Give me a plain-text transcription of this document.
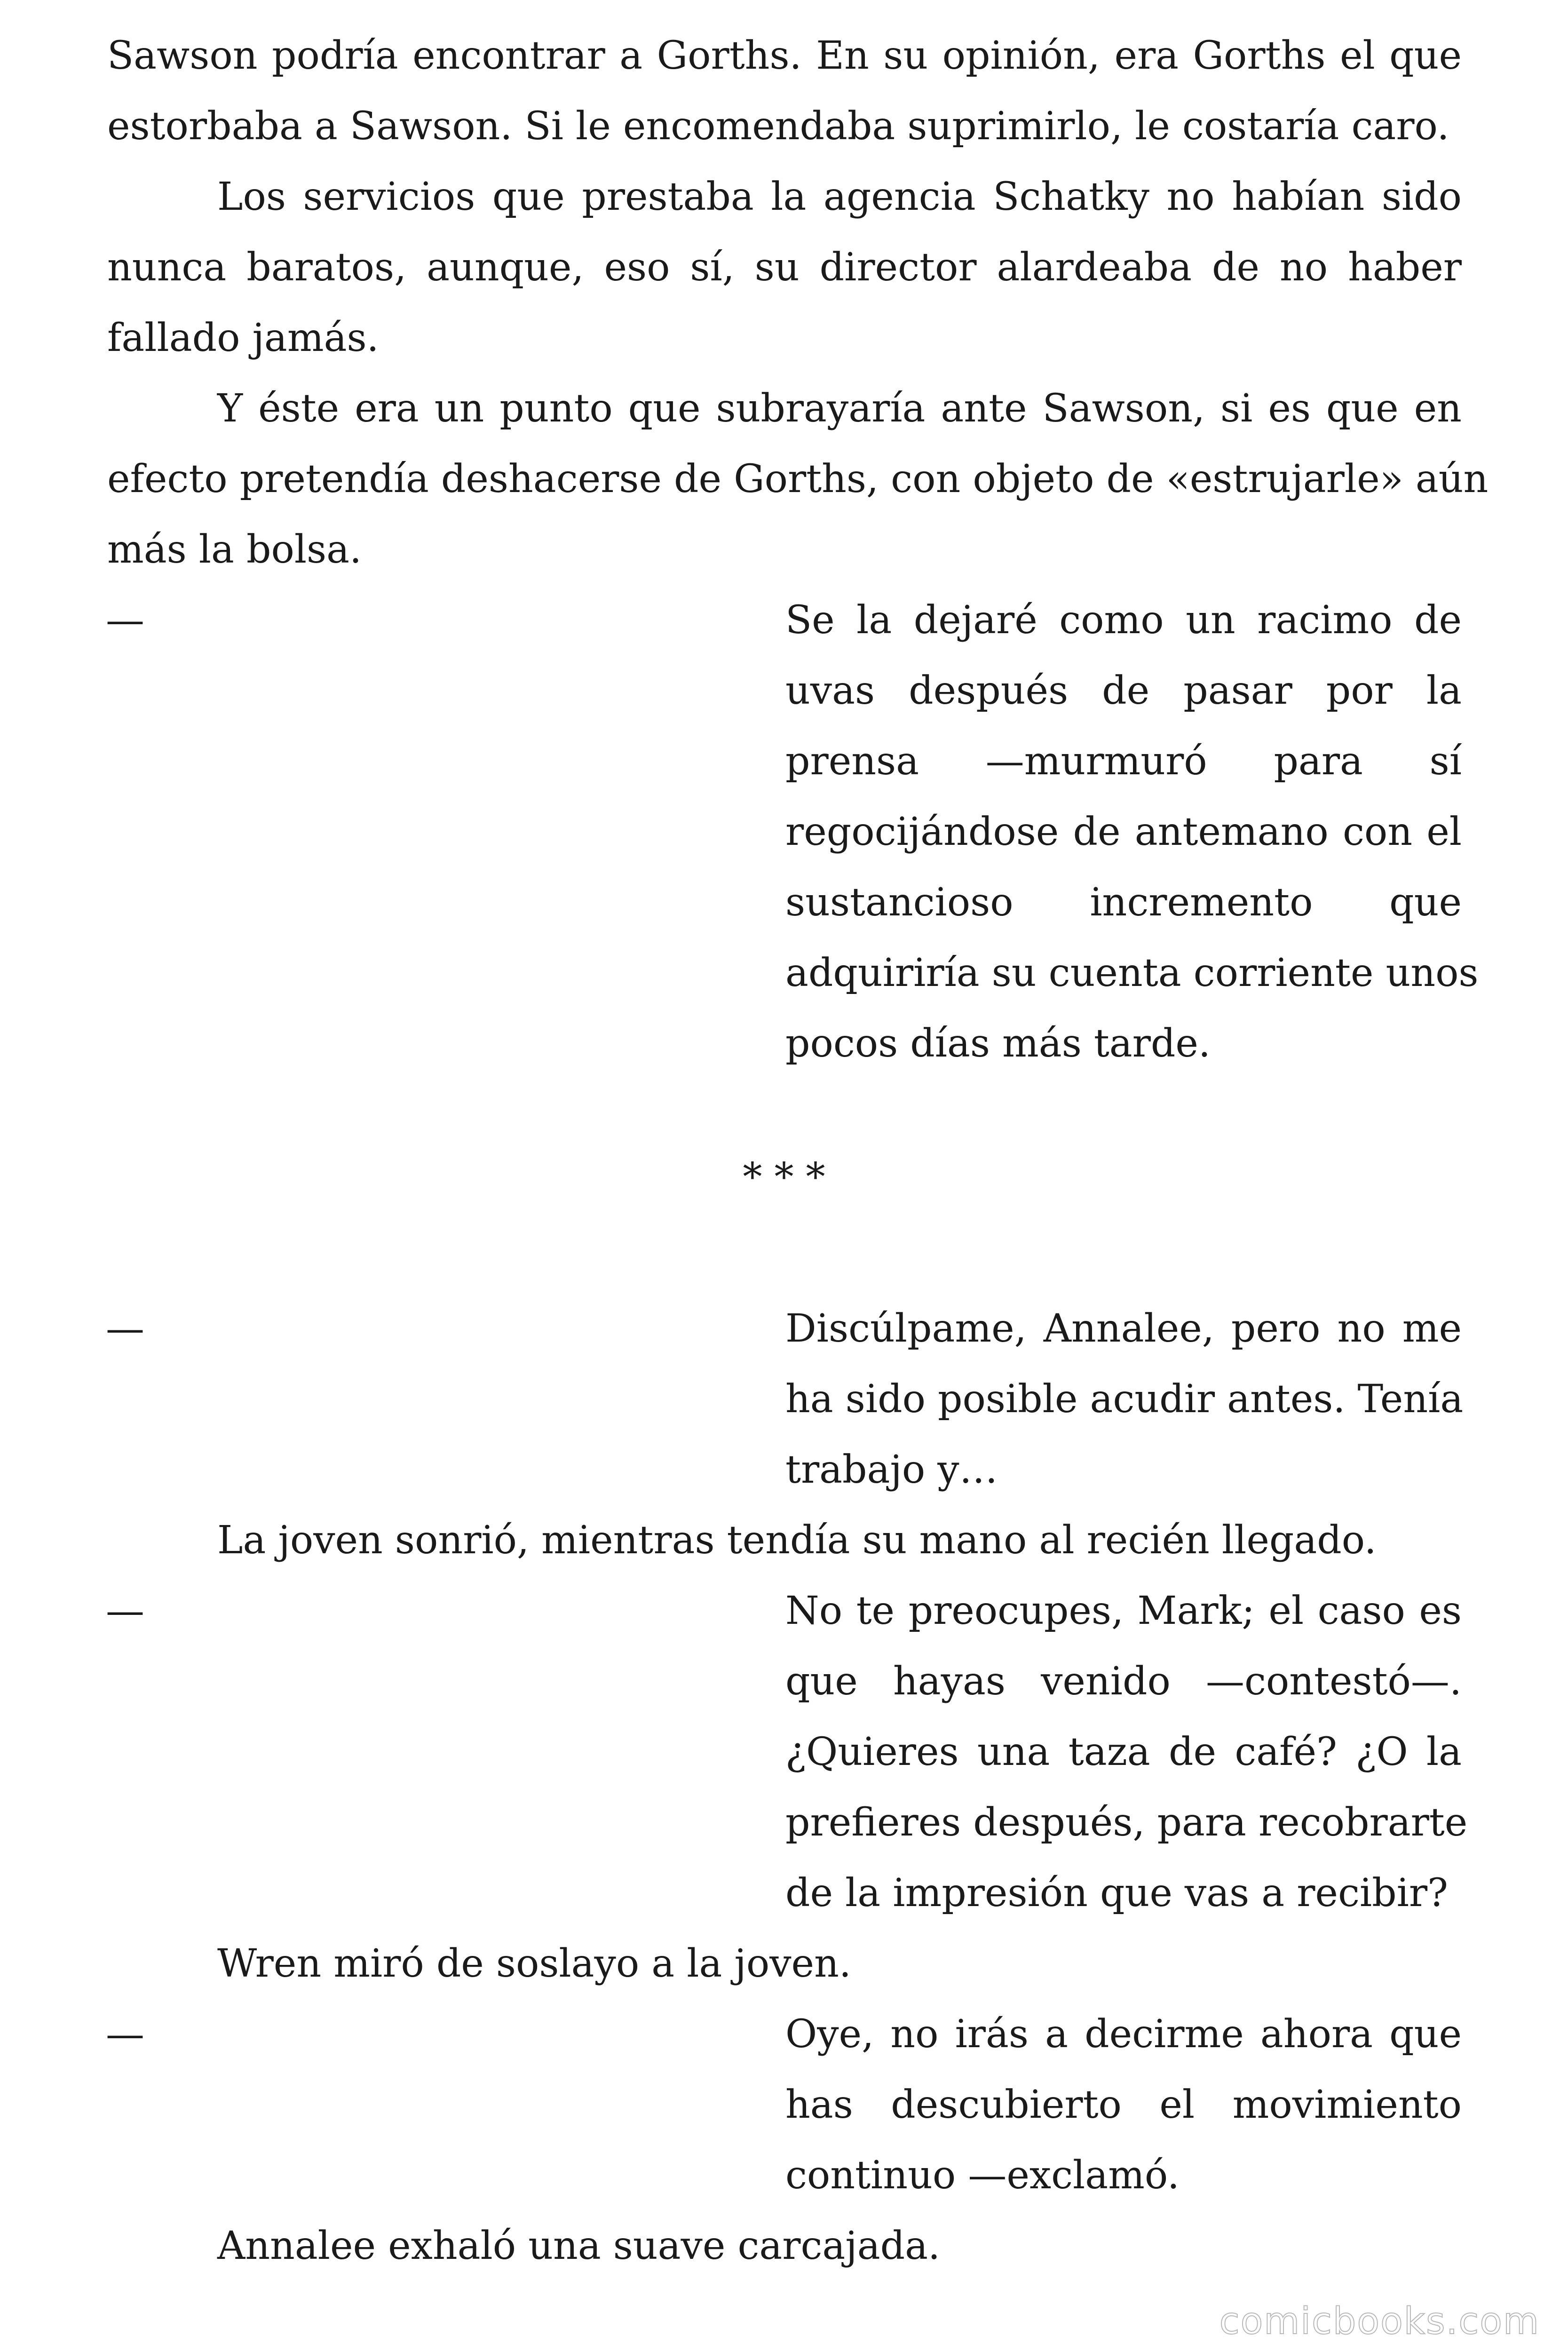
Sawson podría encontrar a Gorths. En su opinión, era Gorths el que
estorbaba a Sawson. Si le encomendaba suprimirlo, le costaría caro.
Los servicios que prestaba la agencia Schatky no habían sido
nunca baratos, aunque, eso sí, su director alardeaba de no haber
fallado jamás.
Y éste era un punto que subrayaría ante Sawson, si es que en
efecto pretendía deshacerse de Gorths, con objeto de «estrujarle» aún
más la bolsa.
—	Se la dejaré como un racimo de
uvas después de pasar por la
prensa —murmuró para sí
regocijándose de antemano con el
sustancioso incremento que
adquiriría su cuenta corriente unos
pocos días más tarde.
* * *
—	Discúlpame, Annalee, pero no me
ha sido posible acudir antes. Tenía
trabajo y…
La joven sonrió, mientras tendía su mano al recién llegado.
—	No te preocupes, Mark; el caso es
que hayas venido —contestó—.
¿Quieres una taza de café? ¿O la
prefieres después, para recobrarte
de la impresión que vas a recibir?
Wren miró de soslayo a la joven.
—	Oye, no irás a decirme ahora que
has descubierto el movimiento
continuo —exclamó.
Annalee exhaló una suave carcajada.
comicbooks.com
